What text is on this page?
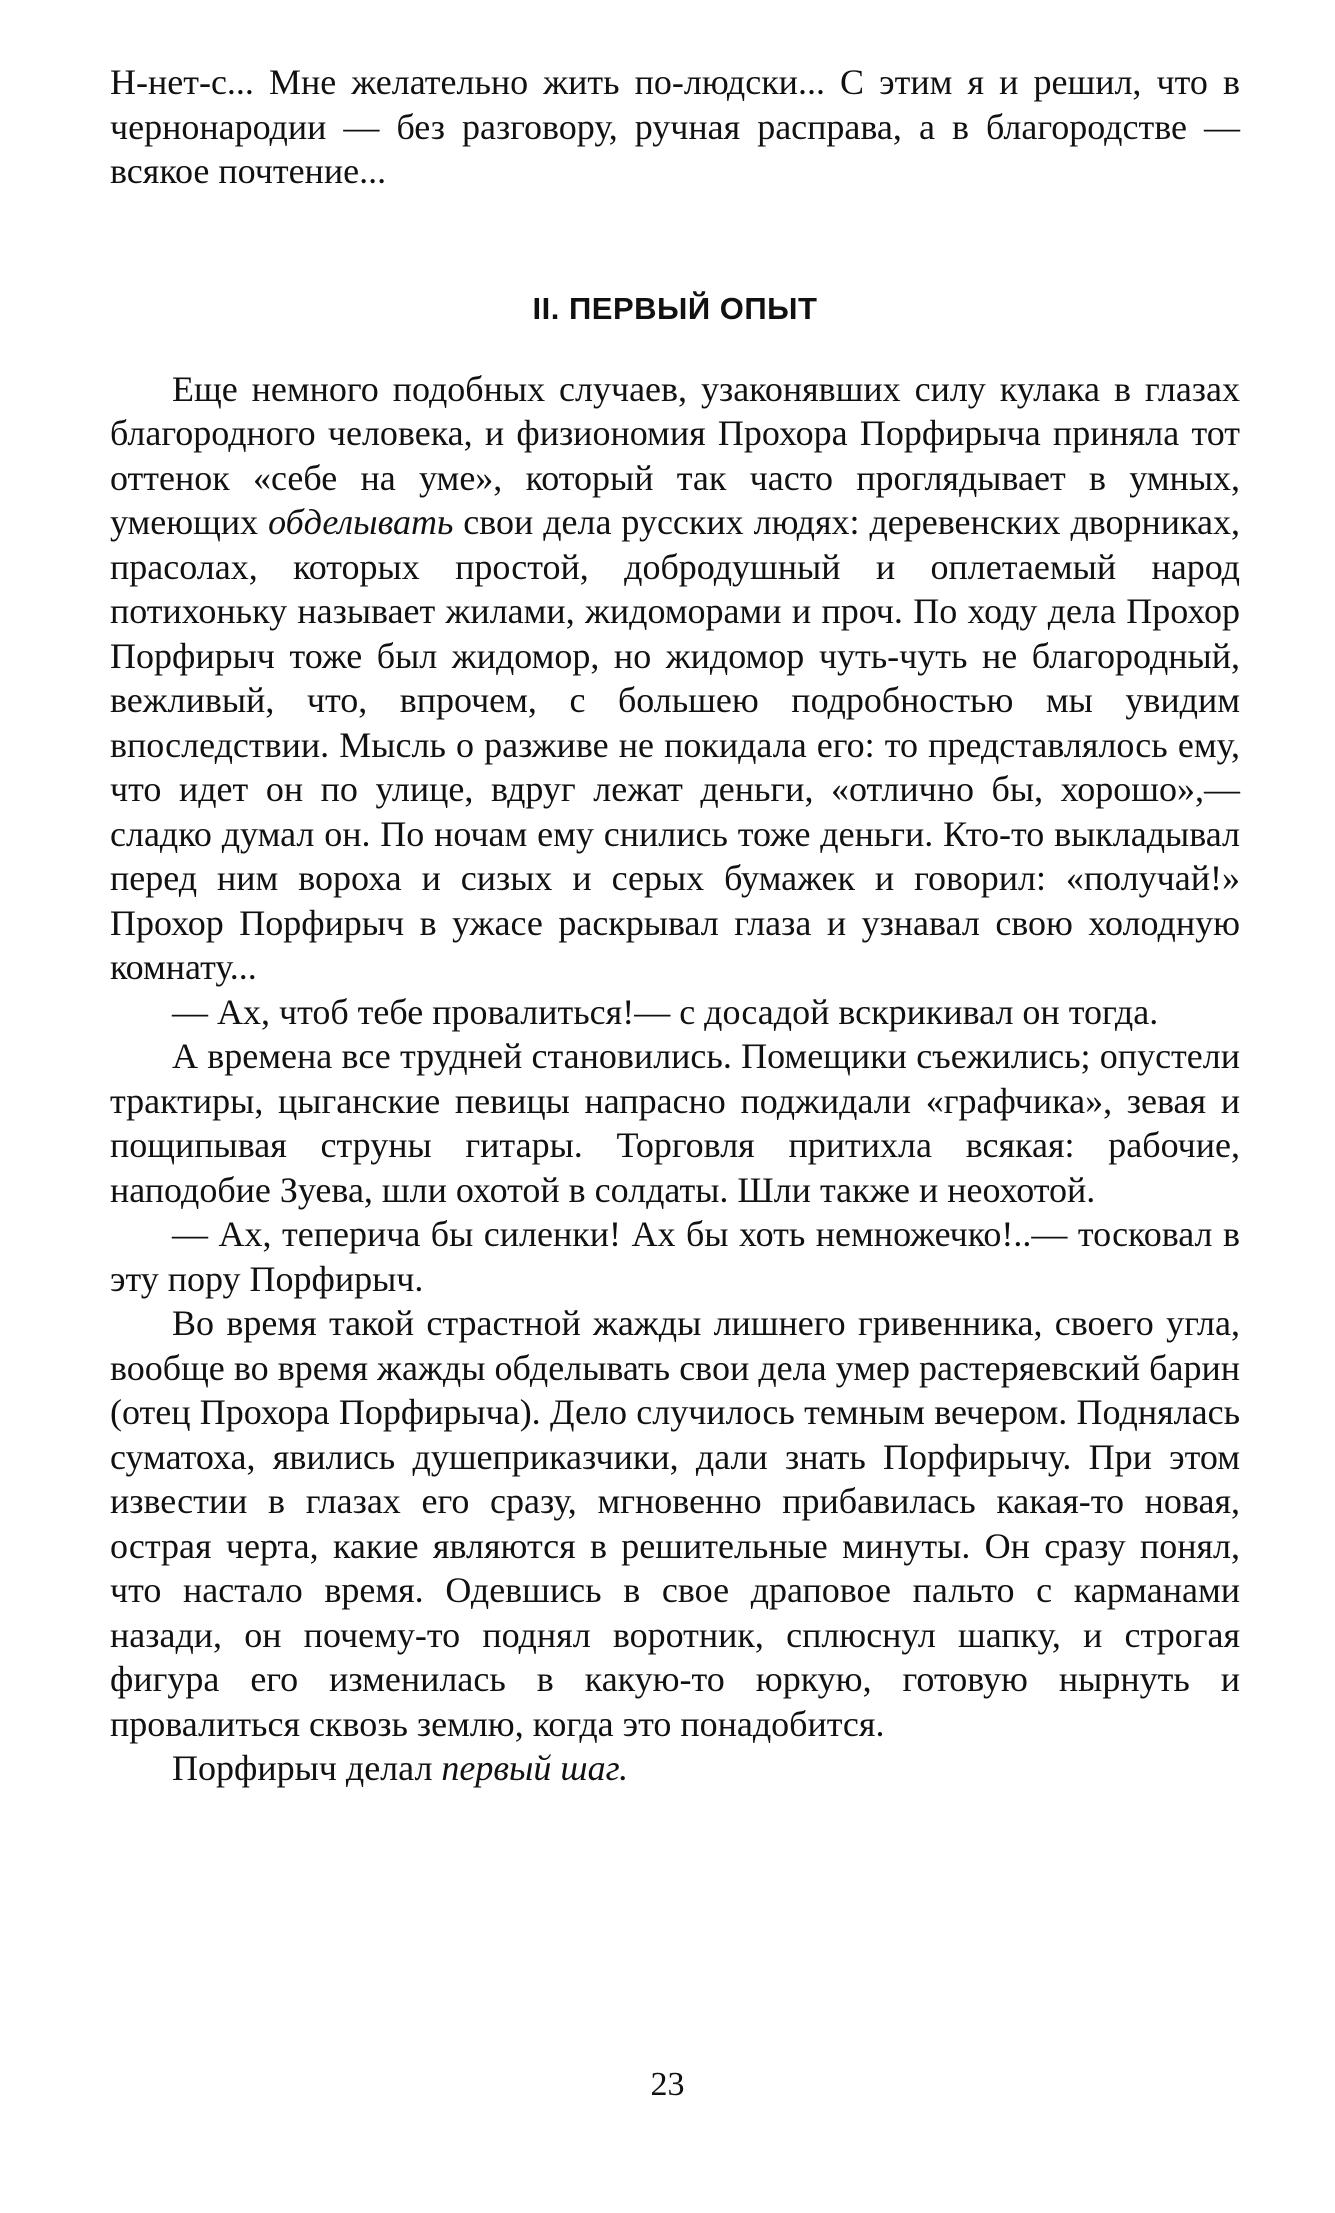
Н-нет-с... Мне желательно жить по-людски... С этим я и решил, что в чернонародии — без разговору, ручная расправа, а в благородстве — всякое почтение...

II. ПЕРВЫЙ ОПЫТ

Еще немного подобных случаев, узаконявших силу кулака в глазах благородного человека, и физиономия Прохора Порфирыча приняла тот оттенок «себе на уме», который так часто проглядывает в умных, умеющих обделывать свои дела русских людях: деревенских дворниках, прасолах, которых простой, добродушный и оплетаемый народ потихоньку называет жилами, жидоморами и проч. По ходу дела Прохор Порфирыч тоже был жидомор, но жидомор чуть-чуть не благородный, вежливый, что, впрочем, с большею подробностью мы увидим впоследствии. Мысль о разживе не покидала его: то представлялось ему, что идет он по улице, вдруг лежат деньги, «отлично бы, хорошо»,— сладко думал он. По ночам ему снились тоже деньги. Кто-то выкладывал перед ним вороха и сизых и серых бумажек и говорил: «получай!» Прохор Порфирыч в ужасе раскрывал глаза и узнавал свою холодную комнату...

— Ах, чтоб тебе провалиться!— с досадой вскрикивал он тогда.

А времена все трудней становились. Помещики съежились; опустели трактиры, цыганские певицы напрасно поджидали «графчика», зевая и пощипывая струны гитары. Торговля притихла всякая: рабочие, наподобие Зуева, шли охотой в солдаты. Шли также и неохотой.

— Ах, теперича бы силенки! Ах бы хоть немножечко!..— тосковал в эту пору Порфирыч.

Во время такой страстной жажды лишнего гривенника, своего угла, вообще во время жажды обделывать свои дела умер растеряевский барин (отец Прохора Порфирыча). Дело случилось темным вечером. Поднялась суматоха, явились душеприказчики, дали знать Порфирычу. При этом известии в глазах его сразу, мгновенно прибавилась какая-то новая, острая черта, какие являются в решительные минуты. Он сразу понял, что настало время. Одевшись в свое драповое пальто с карманами назади, он почему-то поднял воротник, сплюснул шапку, и строгая фигура его изменилась в какую-то юркую, готовую нырнуть и провалиться сквозь землю, когда это понадобится.

Порфирыч делал первый шаг.

23
